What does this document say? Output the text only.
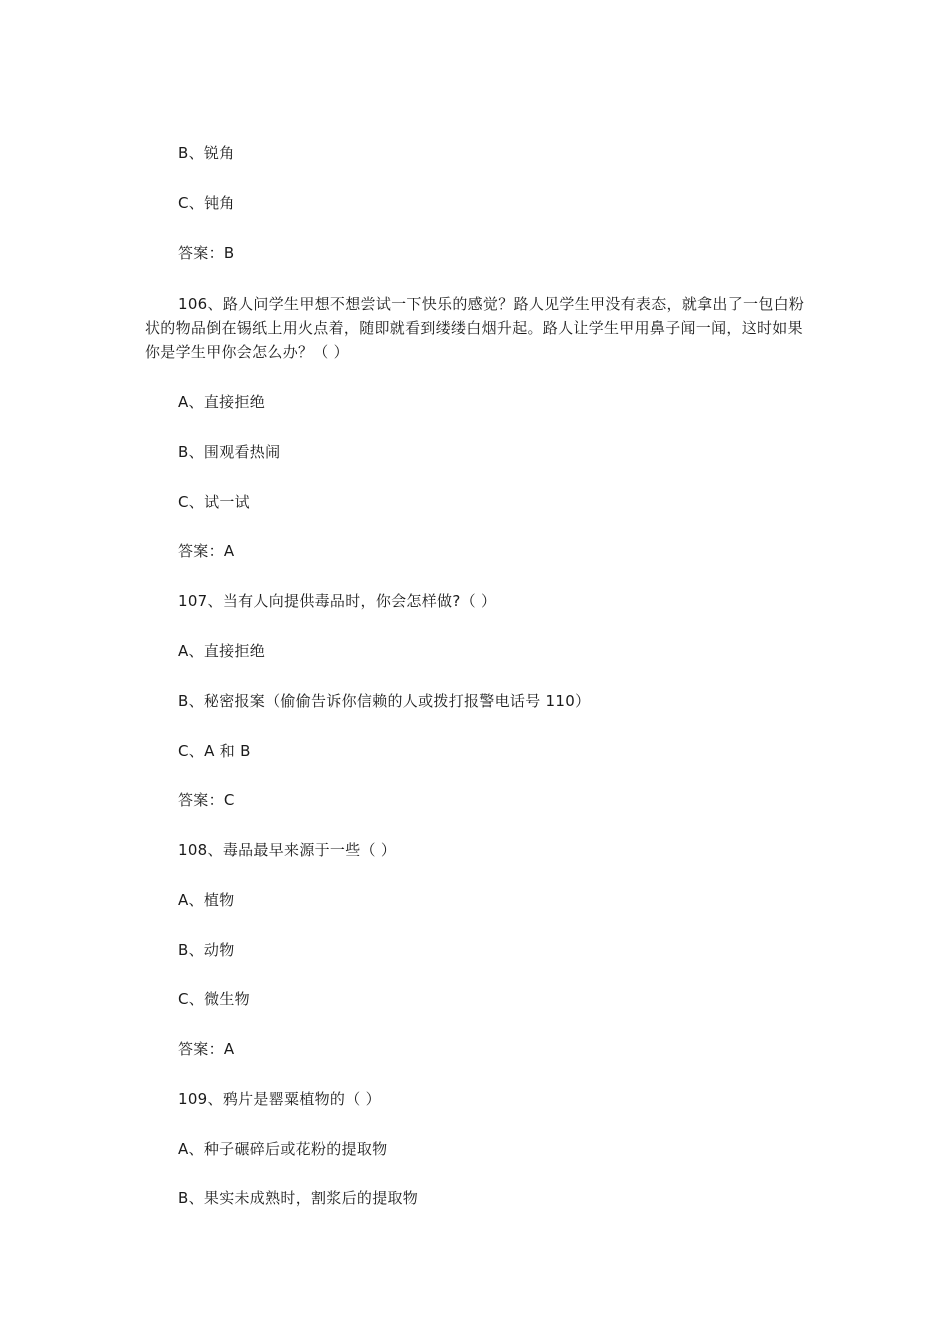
B、锐角
C、钝角
答案：B
106、路人问学生甲想不想尝试一下快乐的感觉？路人见学生甲没有表态，就拿出了一包白粉状的物品倒在锡纸上用火点着，随即就看到缕缕白烟升起。路人让学生甲用鼻子闻一闻，这时如果你是学生甲你会怎么办？（ ）
A、直接拒绝
B、围观看热闹
C、试一试
答案：A
107、当有人向提供毒品时，你会怎样做?（ ）
A、直接拒绝
B、秘密报案（偷偷告诉你信赖的人或拨打报警电话号 110）
C、A 和 B
答案：C
108、毒品最早来源于一些（ ）
A、植物
B、动物
C、微生物
答案：A
109、鸦片是罂粟植物的（ ）
A、种子碾碎后或花粉的提取物
B、果实未成熟时，割浆后的提取物
